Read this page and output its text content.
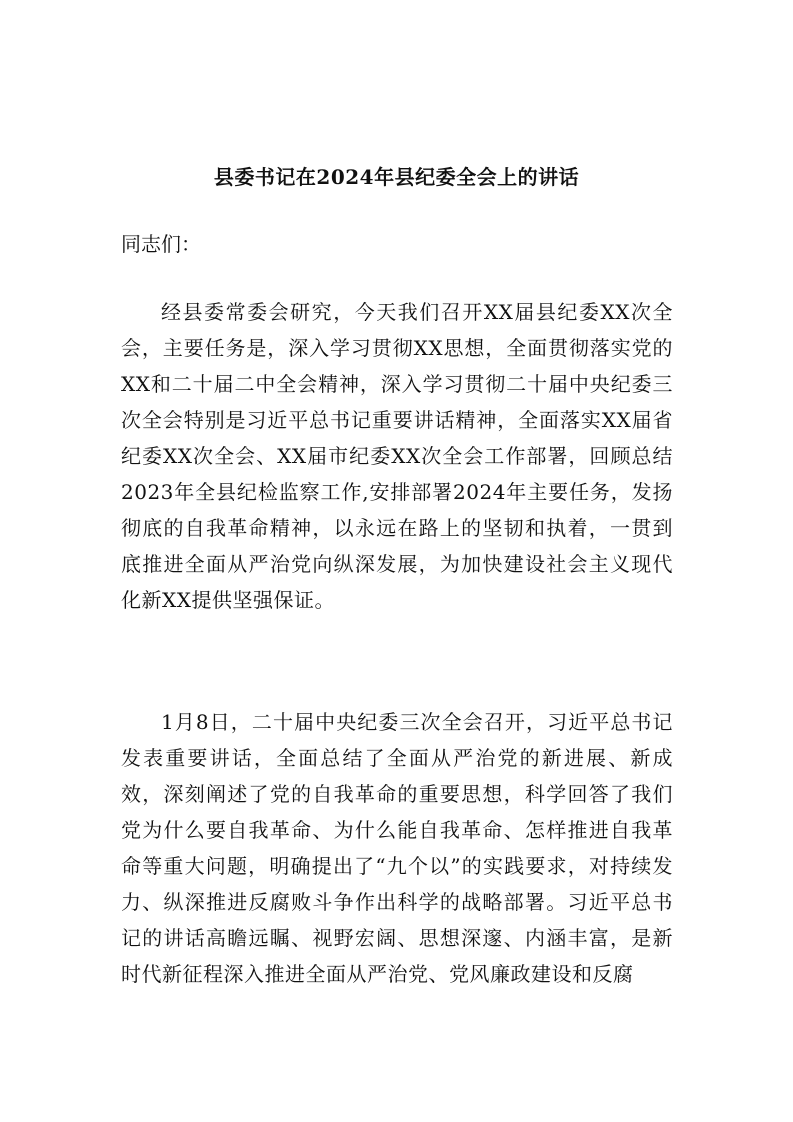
县委书记在2024年县纪委全会上的讲话
同志们：

经县委常委会研究，今天我们召开XX届县纪委XX次全会，主要任务是，深入学习贯彻XX思想，全面贯彻落实党的XX和二十届二中全会精神，深入学习贯彻二十届中央纪委三次全会特别是习近平总书记重要讲话精神，全面落实XX届省纪委XX次全会、XX届市纪委XX次全会工作部署，回顾总结2023年全县纪检监察工作,安排部署2024年主要任务，发扬彻底的自我革命精神，以永远在路上的坚韧和执着，一贯到底推进全面从严治党向纵深发展，为加快建设社会主义现代化新XX提供坚强保证。

1月8日，二十届中央纪委三次全会召开，习近平总书记发表重要讲话，全面总结了全面从严治党的新进展、新成效，深刻阐述了党的自我革命的重要思想，科学回答了我们党为什么要自我革命、为什么能自我革命、怎样推进自我革命等重大问题，明确提出了“九个以”的实践要求，对持续发力、纵深推进反腐败斗争作出科学的战略部署。习近平总书记的讲话高瞻远瞩、视野宏阔、思想深邃、内涵丰富，是新时代新征程深入推进全面从严治党、党风廉政建设和反腐
